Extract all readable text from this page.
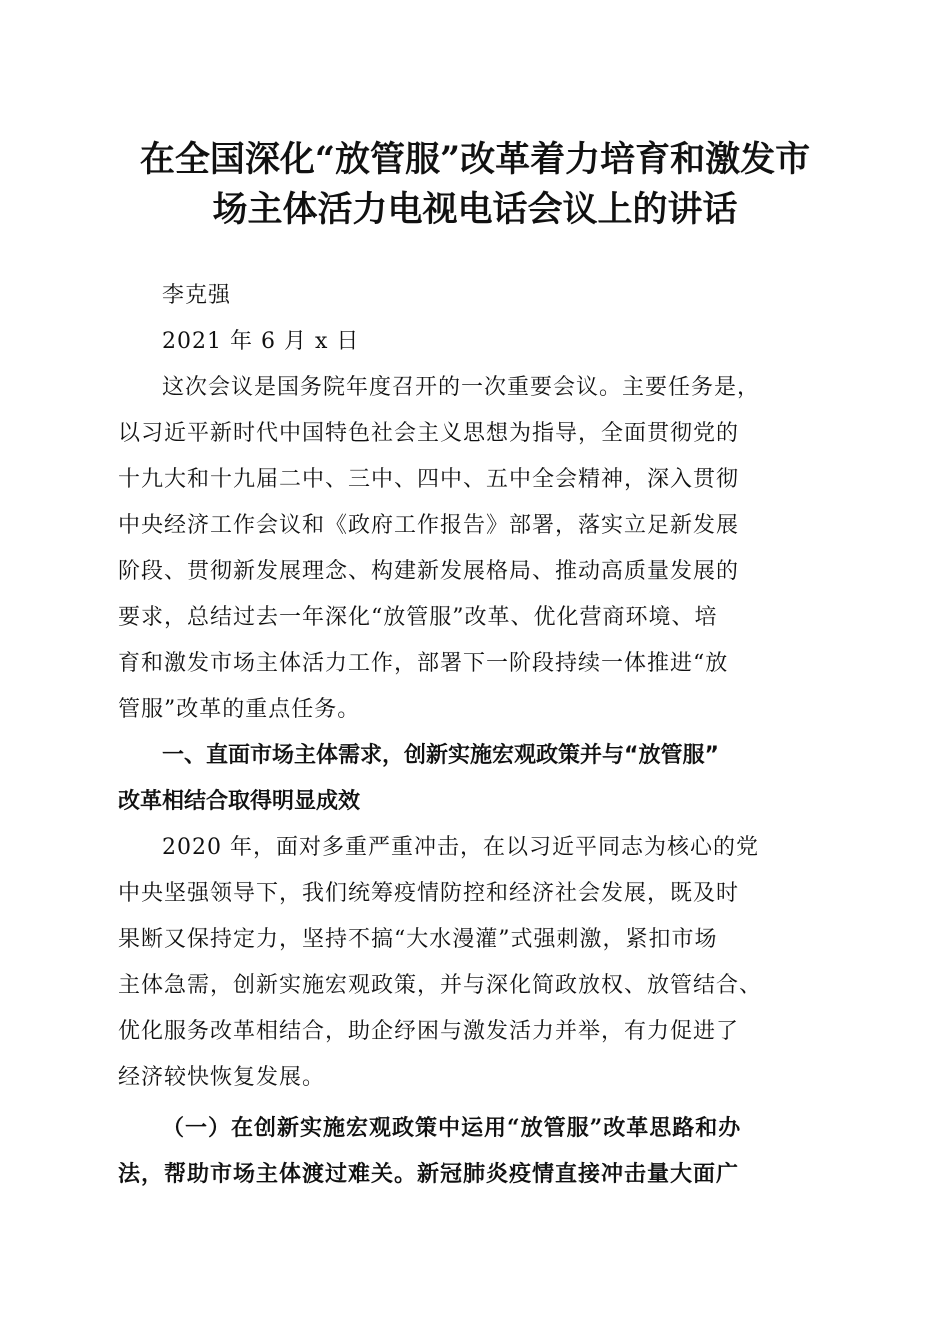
在全国深化“放管服”改革着力培育和激发市
场主体活力电视电话会议上的讲话
李克强
2021 年 6 月 x 日
这次会议是国务院年度召开的一次重要会议。主要任务是，
以习近平新时代中国特色社会主义思想为指导，全面贯彻党的
十九大和十九届二中、三中、四中、五中全会精神，深入贯彻
中央经济工作会议和《政府工作报告》部署，落实立足新发展
阶段、贯彻新发展理念、构建新发展格局、推动高质量发展的
要求，总结过去一年深化“放管服”改革、优化营商环境、培
育和激发市场主体活力工作，部署下一阶段持续一体推进“放
管服”改革的重点任务。
一、直面市场主体需求，创新实施宏观政策并与“放管服”
改革相结合取得明显成效
2020 年，面对多重严重冲击，在以习近平同志为核心的党
中央坚强领导下，我们统筹疫情防控和经济社会发展，既及时
果断又保持定力，坚持不搞“大水漫灌”式强刺激，紧扣市场
主体急需，创新实施宏观政策，并与深化简政放权、放管结合、
优化服务改革相结合，助企纾困与激发活力并举，有力促进了
经济较快恢复发展。
（一）在创新实施宏观政策中运用“放管服”改革思路和办
法，帮助市场主体渡过难关。新冠肺炎疫情直接冲击量大面广
